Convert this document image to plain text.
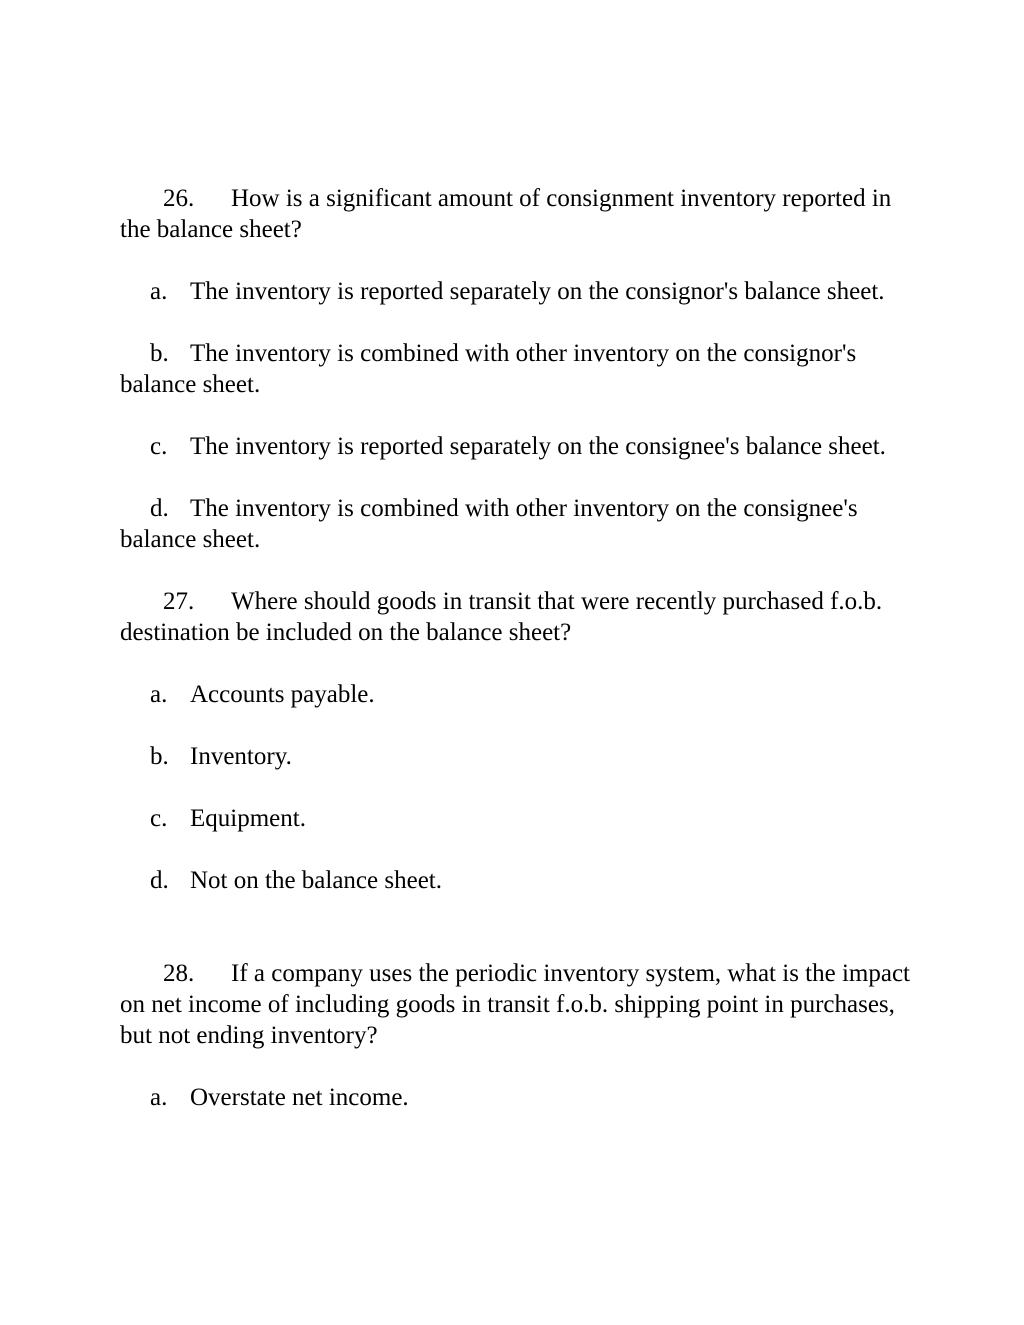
26. How is a significant amount of consignment inventory reported in the balance sheet?

a. The inventory is reported separately on the consignor's balance sheet.

b. The inventory is combined with other inventory on the consignor's balance sheet.

c. The inventory is reported separately on the consignee's balance sheet.

d. The inventory is combined with other inventory on the consignee's balance sheet.

27. Where should goods in transit that were recently purchased f.o.b. destination be included on the balance sheet?

a. Accounts payable.

b. Inventory.

c. Equipment.

d. Not on the balance sheet.

28. If a company uses the periodic inventory system, what is the impact on net income of including goods in transit f.o.b. shipping point in purchases, but not ending inventory?

a. Overstate net income.
